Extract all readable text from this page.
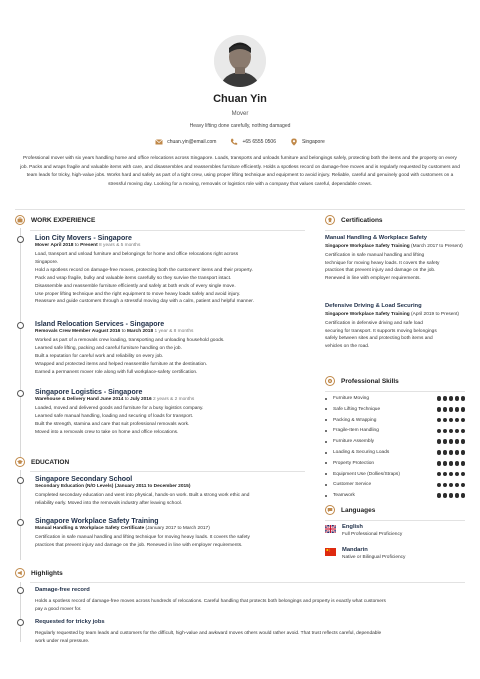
Chuan Yin
Mover
Heavy lifting done carefully, nothing damaged
chuan.yin@email.com	+65 6555 0506	Singapore
Professional mover with six years handling home and office relocations across Singapore. Loads, transports and unloads furniture and belongings safely, protecting both the items and the property on every job. Packs and wraps fragile and valuable items with care, and disassembles and reassembles furniture efficiently. Holds a spotless record on damage-free moves and is regularly requested by customers and team leads for tricky, high-value jobs. Works hard and safely as part of a tight crew, using proper lifting technique and equipment to avoid injury. Reliable, careful and genuinely good with customers on a stressful moving day. Looking for a moving, removals or logistics role with a company that values careful, dependable crews.
WORK EXPERIENCE
Lion City Movers - Singapore
Mover April 2018 to Present 8 years & 5 months
Load, transport and unload furniture and belongings for home and office relocations right across
Singapore.
Hold a spotless record on damage-free moves, protecting both the customers' items and their property.
Pack and wrap fragile, bulky and valuable items carefully so they survive the transport intact.
Disassemble and reassemble furniture efficiently and safely at both ends of every single move.
Use proper lifting technique and the right equipment to move heavy loads safely and avoid injury.
Reassure and guide customers through a stressful moving day with a calm, patient and helpful manner.
Island Relocation Services - Singapore
Removals Crew Member August 2016 to March 2018 1 year & 8 months
Worked as part of a removals crew loading, transporting and unloading household goods.
Learned safe lifting, packing and careful furniture handling on the job.
Built a reputation for careful work and reliability on every job.
Wrapped and protected items and helped reassemble furniture at the destination.
Earned a permanent mover role along with full workplace-safety certification.
Singapore Logistics - Singapore
Warehouse & Delivery Hand June 2014 to July 2016 2 years & 2 months
Loaded, moved and delivered goods and furniture for a busy logistics company.
Learned safe manual handling, loading and securing of loads for transport.
Built the strength, stamina and care that suit professional removals work.
Moved into a removals crew to take on home and office relocations.
EDUCATION
Singapore Secondary School
Secondary Education (N/O Levels) (January 2011 to December 2015)
Completed secondary education and went into physical, hands-on work. Built a strong work ethic and
reliability early. Moved into the removals industry after leaving school.
Singapore Workplace Safety Training
Manual Handling & Workplace Safety Certificate (January 2017 to March 2017)
Certification in safe manual handling and lifting technique for moving heavy loads. It covers the safety
practices that prevent injury and damage on the job. Renewed in line with employer requirements.
Highlights
Damage-free record
Holds a spotless record of damage-free moves across hundreds of relocations. Careful handling that protects both belongings and property is exactly what customers
pay a good mover for.
Requested for tricky jobs
Regularly requested by team leads and customers for the difficult, high-value and awkward moves others would rather avoid. That trust reflects careful, dependable
work under real pressure.
Certifications
Manual Handling & Workplace Safety
Singapore Workplace Safety Training (March 2017 to Present)
Certification in safe manual handling and lifting
technique for moving heavy loads. It covers the safety
practices that prevent injury and damage on the job.
Renewed in line with employer requirements.
Defensive Driving & Load Securing
Singapore Workplace Safety Training (April 2019 to Present)
Certification in defensive driving and safe load
securing for transport. It supports moving belongings
safely between sites and protecting both items and
vehicles on the road.
Professional Skills
Furniture Moving
Safe Lifting Technique
Packing & Wrapping
Fragile-Item Handling
Furniture Assembly
Loading & Securing Loads
Property Protection
Equipment Use (Dollies/Straps)
Customer Service
Teamwork
Languages
English
Full Professional Proficiency
Mandarin
Native or Bilingual Proficiency
